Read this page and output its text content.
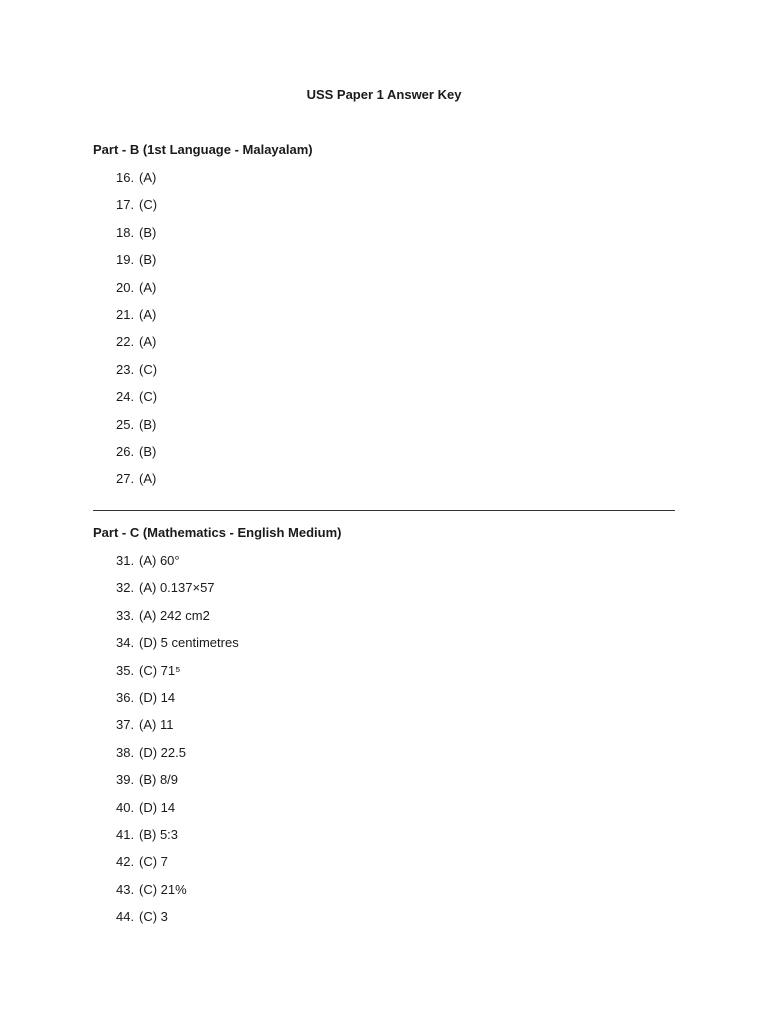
USS Paper 1 Answer Key
Part - B (1st Language - Malayalam)
16. (A)
17. (C)
18. (B)
19. (B)
20. (A)
21. (A)
22. (A)
23. (C)
24. (C)
25. (B)
26. (B)
27. (A)
Part - C (Mathematics - English Medium)
31. (A) 60°
32. (A) 0.137×57
33. (A) 242 cm2
34. (D) 5 centimetres
35. (C) 71⁵
36. (D) 14
37. (A) 11
38. (D) 22.5
39. (B) 8/9
40. (D) 14
41. (B) 5:3
42. (C) 7
43. (C) 21%
44. (C) 3
